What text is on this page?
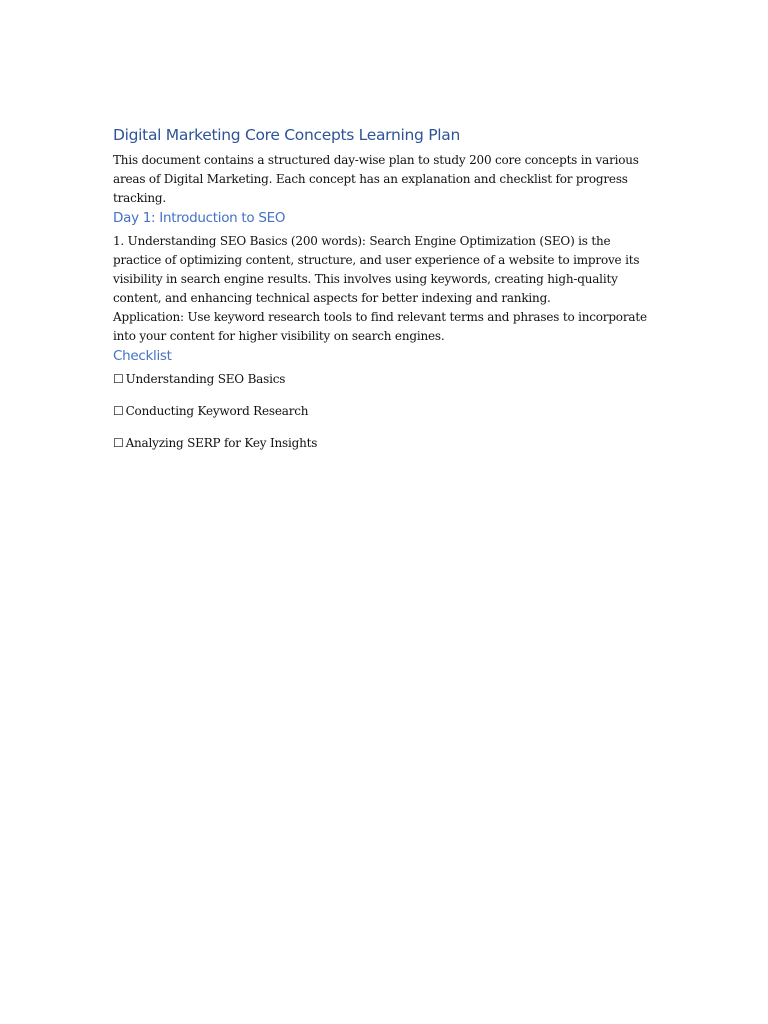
Digital Marketing Core Concepts Learning Plan

This document contains a structured day-wise plan to study 200 core concepts in various areas of Digital Marketing. Each concept has an explanation and checklist for progress tracking.

Day 1: Introduction to SEO

1. Understanding SEO Basics (200 words): Search Engine Optimization (SEO) is the practice of optimizing content, structure, and user experience of a website to improve its visibility in search engine results. This involves using keywords, creating high-quality content, and enhancing technical aspects for better indexing and ranking.

Application: Use keyword research tools to find relevant terms and phrases to incorporate into your content for higher visibility on search engines.

Checklist
☐ Understanding SEO Basics
☐ Conducting Keyword Research
☐ Analyzing SERP for Key Insights
